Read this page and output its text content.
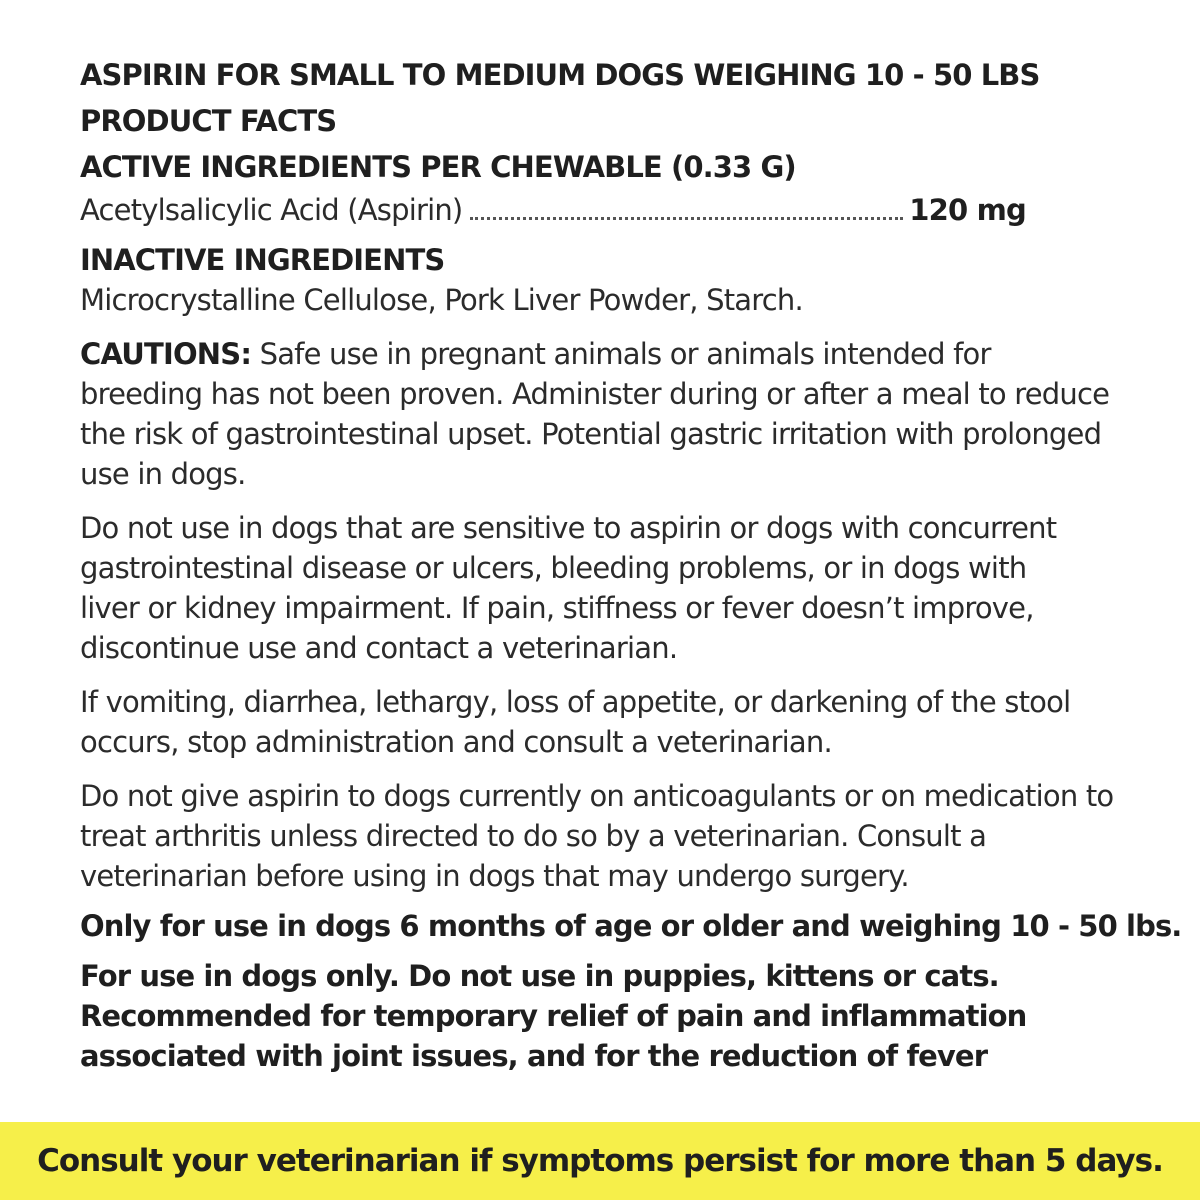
ASPIRIN FOR SMALL TO MEDIUM DOGS WEIGHING 10 - 50 LBS
PRODUCT FACTS
ACTIVE INGREDIENTS PER CHEWABLE (0.33 G)
Acetylsalicylic Acid (Aspirin)	120 mg
INACTIVE INGREDIENTS
Microcrystalline Cellulose, Pork Liver Powder, Starch.
CAUTIONS: Safe use in pregnant animals or animals intended for
breeding has not been proven. Administer during or after a meal to reduce
the risk of gastrointestinal upset. Potential gastric irritation with prolonged
use in dogs.
Do not use in dogs that are sensitive to aspirin or dogs with concurrent
gastrointestinal disease or ulcers, bleeding problems, or in dogs with
liver or kidney impairment. If pain, stiffness or fever doesn’t improve,
discontinue use and contact a veterinarian.
If vomiting, diarrhea, lethargy, loss of appetite, or darkening of the stool
occurs, stop administration and consult a veterinarian.
Do not give aspirin to dogs currently on anticoagulants or on medication to
treat arthritis unless directed to do so by a veterinarian. Consult a
veterinarian before using in dogs that may undergo surgery.
Only for use in dogs 6 months of age or older and weighing 10 - 50 lbs.
For use in dogs only. Do not use in puppies, kittens or cats.
Recommended for temporary relief of pain and inflammation
associated with joint issues, and for the reduction of fever
Consult your veterinarian if symptoms persist for more than 5 days.
